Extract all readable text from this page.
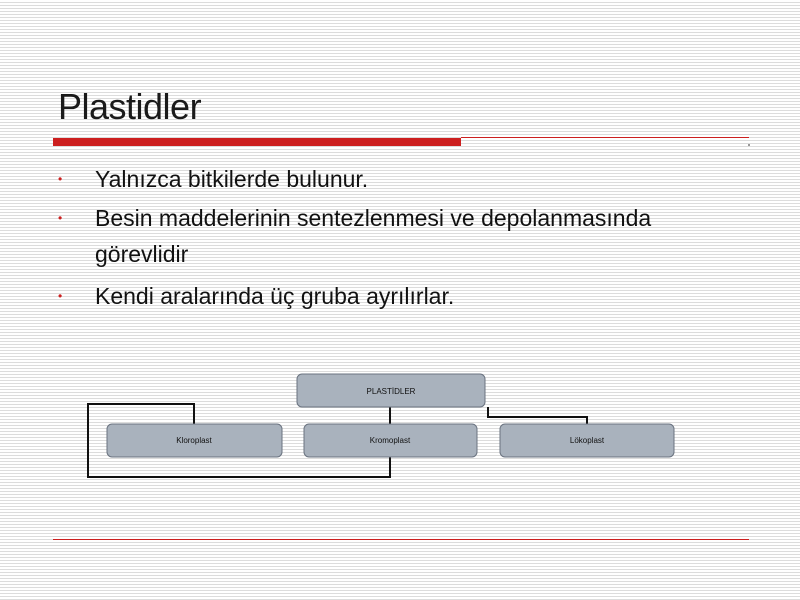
Plastidler
• Yalnızca bitkilerde bulunur.
• Besin maddelerinin sentezlenmesi ve depolanmasında
görevlidir
• Kendi aralarında üç gruba ayrılırlar.
PLASTİDLER
Kloroplast	Kromoplast	Lökoplast
